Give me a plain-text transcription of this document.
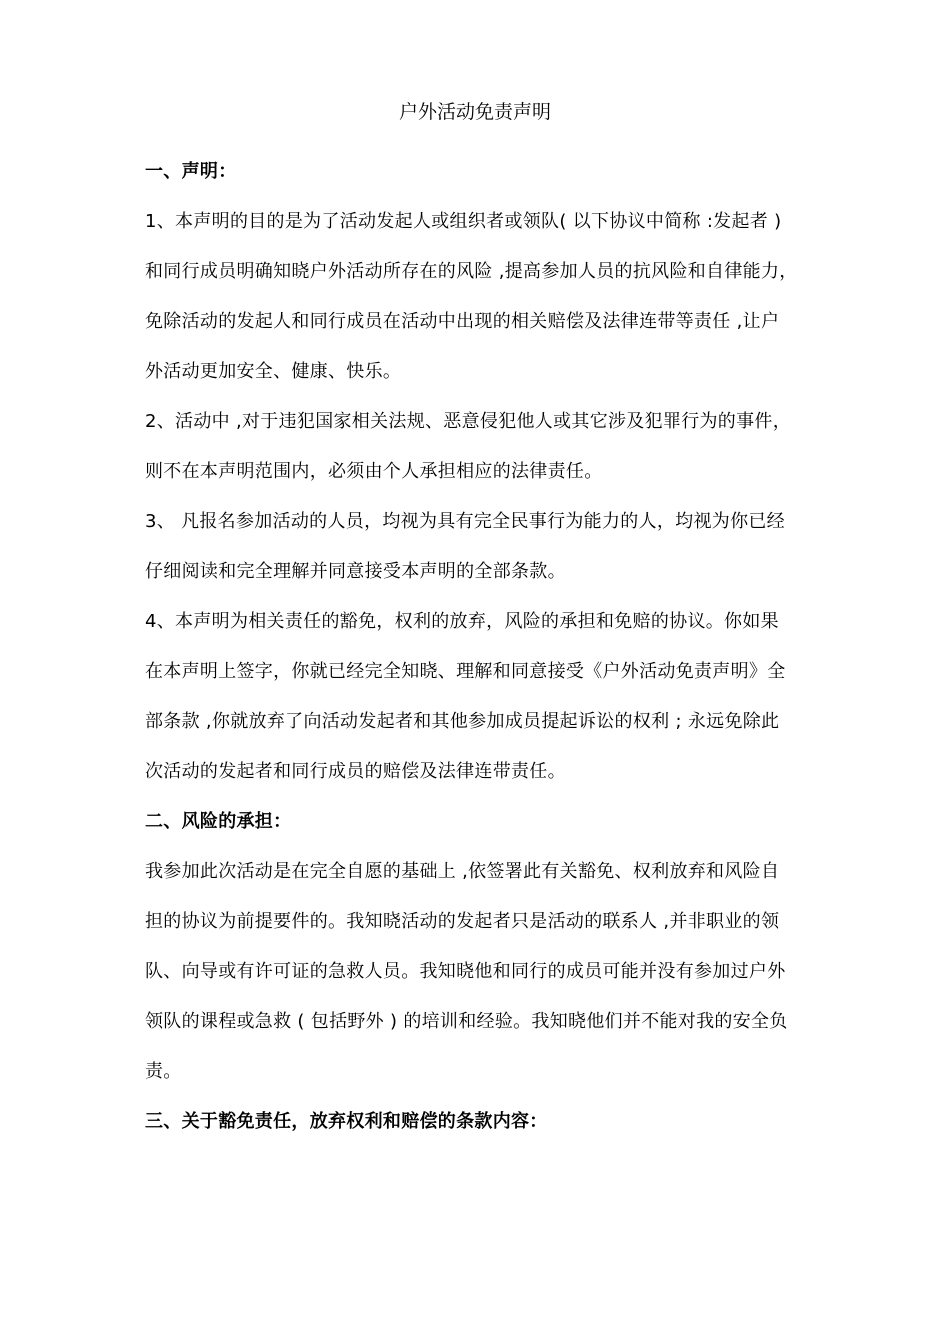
户外活动免责声明
一、声明：
1、本声明的目的是为了活动发起人或组织者或领队( 以下协议中简称 :发起者 )
和同行成员明确知晓户外活动所存在的风险 ,提高参加人员的抗风险和自律能力，
免除活动的发起人和同行成员在活动中出现的相关赔偿及法律连带等责任 ,让户
外活动更加安全、健康、快乐。
2、活动中 ,对于违犯国家相关法规、恶意侵犯他人或其它涉及犯罪行为的事件，
则不在本声明范围内，必须由个人承担相应的法律责任。
3、 凡报名参加活动的人员，均视为具有完全民事行为能力的人，均视为你已经
仔细阅读和完全理解并同意接受本声明的全部条款。
4、本声明为相关责任的豁免，权利的放弃，风险的承担和免赔的协议。你如果
在本声明上签字，你就已经完全知晓、理解和同意接受《户外活动免责声明》全
部条款 ,你就放弃了向活动发起者和其他参加成员提起诉讼的权利 ; 永远免除此
次活动的发起者和同行成员的赔偿及法律连带责任。
二、风险的承担：
我参加此次活动是在完全自愿的基础上 ,依签署此有关豁免、权利放弃和风险自
担的协议为前提要件的。我知晓活动的发起者只是活动的联系人 ,并非职业的领
队、向导或有许可证的急救人员。我知晓他和同行的成员可能并没有参加过户外
领队的课程或急救 ( 包括野外 ) 的培训和经验。我知晓他们并不能对我的安全负
责。
三、关于豁免责任，放弃权利和赔偿的条款内容：
